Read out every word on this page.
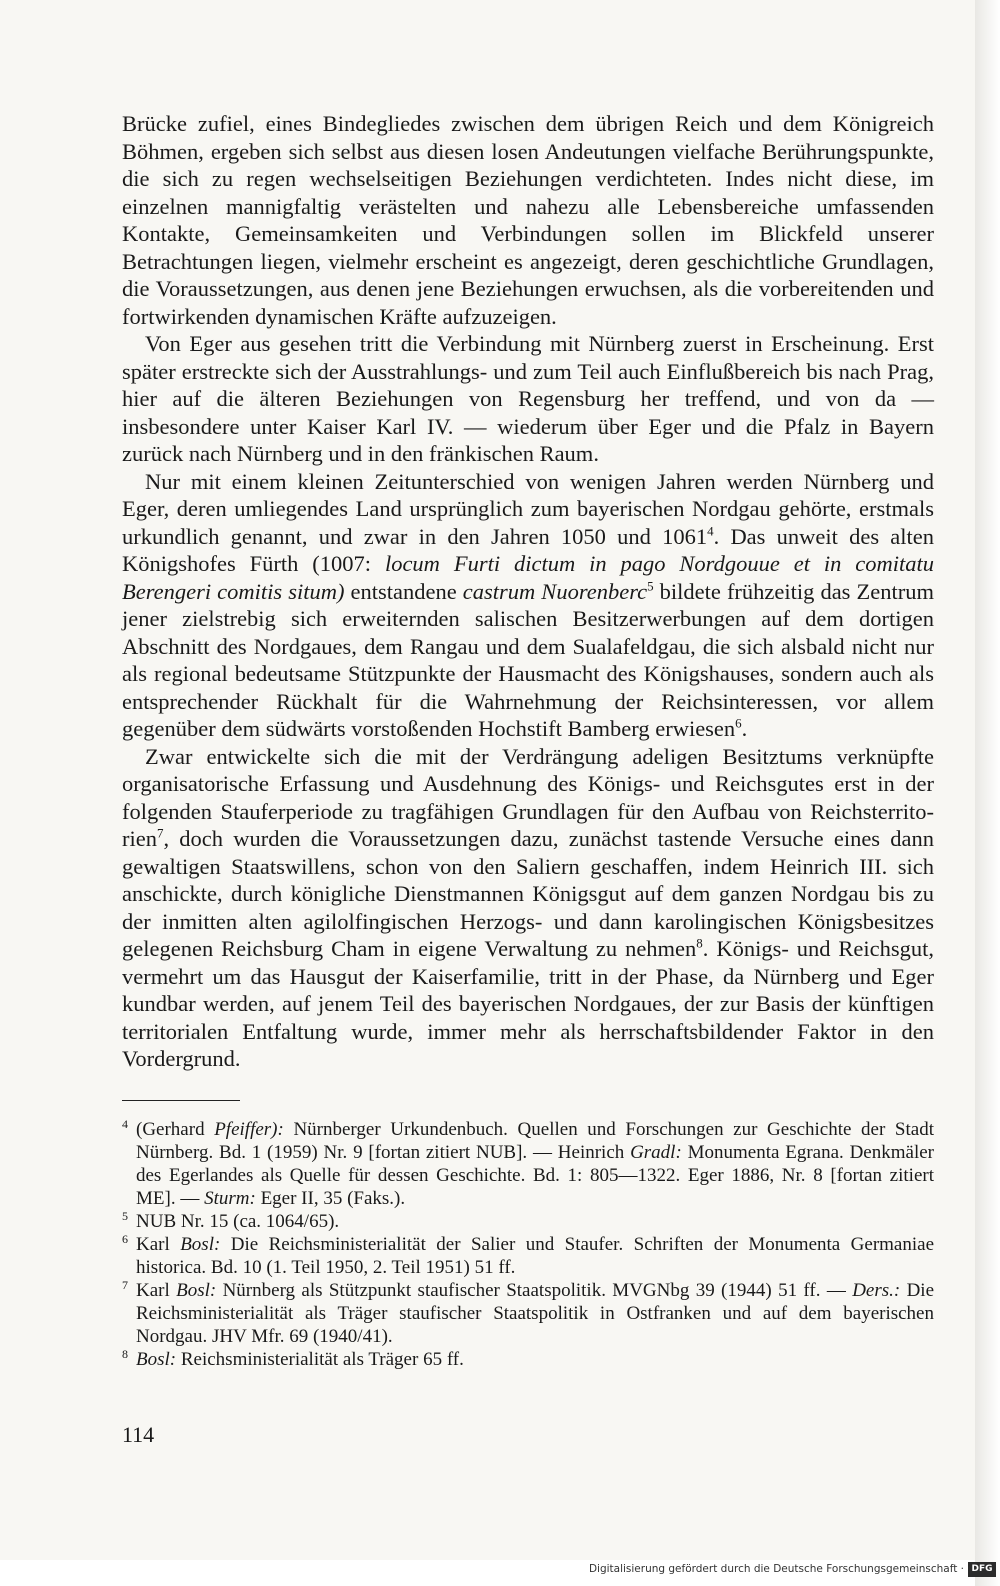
Brücke zufiel, eines Bindegliedes zwischen dem übrigen Reich und dem Königreich Böhmen, ergeben sich selbst aus diesen losen Andeutungen vielfache Berührungspunkte, die sich zu regen wechselseitigen Beziehungen verdichteten. Indes nicht diese, im einzelnen mannigfaltig verästelten und nahezu alle Lebensbereiche umfassenden Kontakte, Gemeinsamkeiten und Verbindungen sollen im Blickfeld unserer Betrachtungen liegen, vielmehr erscheint es angezeigt, deren geschichtliche Grundlagen, die Voraussetzungen, aus denen jene Beziehungen erwuchsen, als die vorbereitenden und fortwirkenden dynamischen Kräfte aufzuzeigen.

Von Eger aus gesehen tritt die Verbindung mit Nürnberg zuerst in Erscheinung. Erst später erstreckte sich der Ausstrahlungs- und zum Teil auch Einflußbereich bis nach Prag, hier auf die älteren Beziehungen von Regensburg her treffend, und von da — insbesondere unter Kaiser Karl IV. — wiederum über Eger und die Pfalz in Bayern zurück nach Nürnberg und in den fränkischen Raum.

Nur mit einem kleinen Zeitunterschied von wenigen Jahren werden Nürnberg und Eger, deren umliegendes Land ursprünglich zum bayerischen Nordgau gehörte, erstmals urkundlich genannt, und zwar in den Jahren 1050 und 1061$^4$. Das unweit des alten Königshofes Fürth (1007: locum Furti dictum in pago Nordgouue et in comitatu Berengeri comitis situm) entstandene castrum Nuorenberc$^5$ bildete frühzeitig das Zentrum jener zielstrebig sich erweiternden salischen Besitzerwerbungen auf dem dortigen Abschnitt des Nordgaues, dem Rangau und dem Sualafeldgau, die sich alsbald nicht nur als regional bedeutsame Stützpunkte der Hausmacht des Königshauses, sondern auch als entsprechender Rückhalt für die Wahrnehmung der Reichsinteressen, vor allem gegenüber dem südwärts vorstoßenden Hochstift Bamberg erwiesen$^6$.

Zwar entwickelte sich die mit der Verdrängung adeligen Besitztums verknüpfte organisatorische Erfassung und Ausdehnung des Königs- und Reichsgutes erst in der folgenden Stauferperiode zu tragfähigen Grundlagen für den Aufbau von Reichsterritorien$^7$, doch wurden die Voraussetzungen dazu, zunächst tastende Versuche eines dann gewaltigen Staatswillens, schon von den Saliern geschaffen, indem Heinrich III. sich anschickte, durch königliche Dienstmannen Königsgut auf dem ganzen Nordgau bis zu der inmitten alten agilolfingischen Herzogs- und dann karolingischen Königsbesitzes gelegenen Reichsburg Cham in eigene Verwaltung zu nehmen$^8$. Königs- und Reichsgut, vermehrt um das Hausgut der Kaiserfamilie, tritt in der Phase, da Nürnberg und Eger kundbar werden, auf jenem Teil des bayerischen Nordgaues, der zur Basis der künftigen territorialen Entfaltung wurde, immer mehr als herrschaftsbildender Faktor in den Vordergrund.

4 (Gerhard Pfeiffer): Nürnberger Urkundenbuch. Quellen und Forschungen zur Geschichte der Stadt Nürnberg. Bd. 1 (1959) Nr. 9 [fortan zitiert NUB]. — Heinrich Gradl: Monumenta Egrana. Denkmäler des Egerlandes als Quelle für dessen Geschichte. Bd. 1: 805—1322. Eger 1886, Nr. 8 [fortan zitiert ME]. — Sturm: Eger II, 35 (Faks.).

5 NUB Nr. 15 (ca. 1064/65).

6 Karl Bosl: Die Reichsministerialität der Salier und Staufer. Schriften der Monumenta Germaniae historica. Bd. 10 (1. Teil 1950, 2. Teil 1951) 51 ff.

7 Karl Bosl: Nürnberg als Stützpunkt staufischer Staatspolitik. MVGNbg 39 (1944) 51 ff. — Ders.: Die Reichsministerialität als Träger staufischer Staatspolitik in Ostfranken und auf dem bayerischen Nordgau. JHV Mfr. 69 (1940/41).

8 Bosl: Reichsministerialität als Träger 65 ff.

114
Digitalisierung gefördert durch die Deutsche Forschungsgemeinschaft · DFG
